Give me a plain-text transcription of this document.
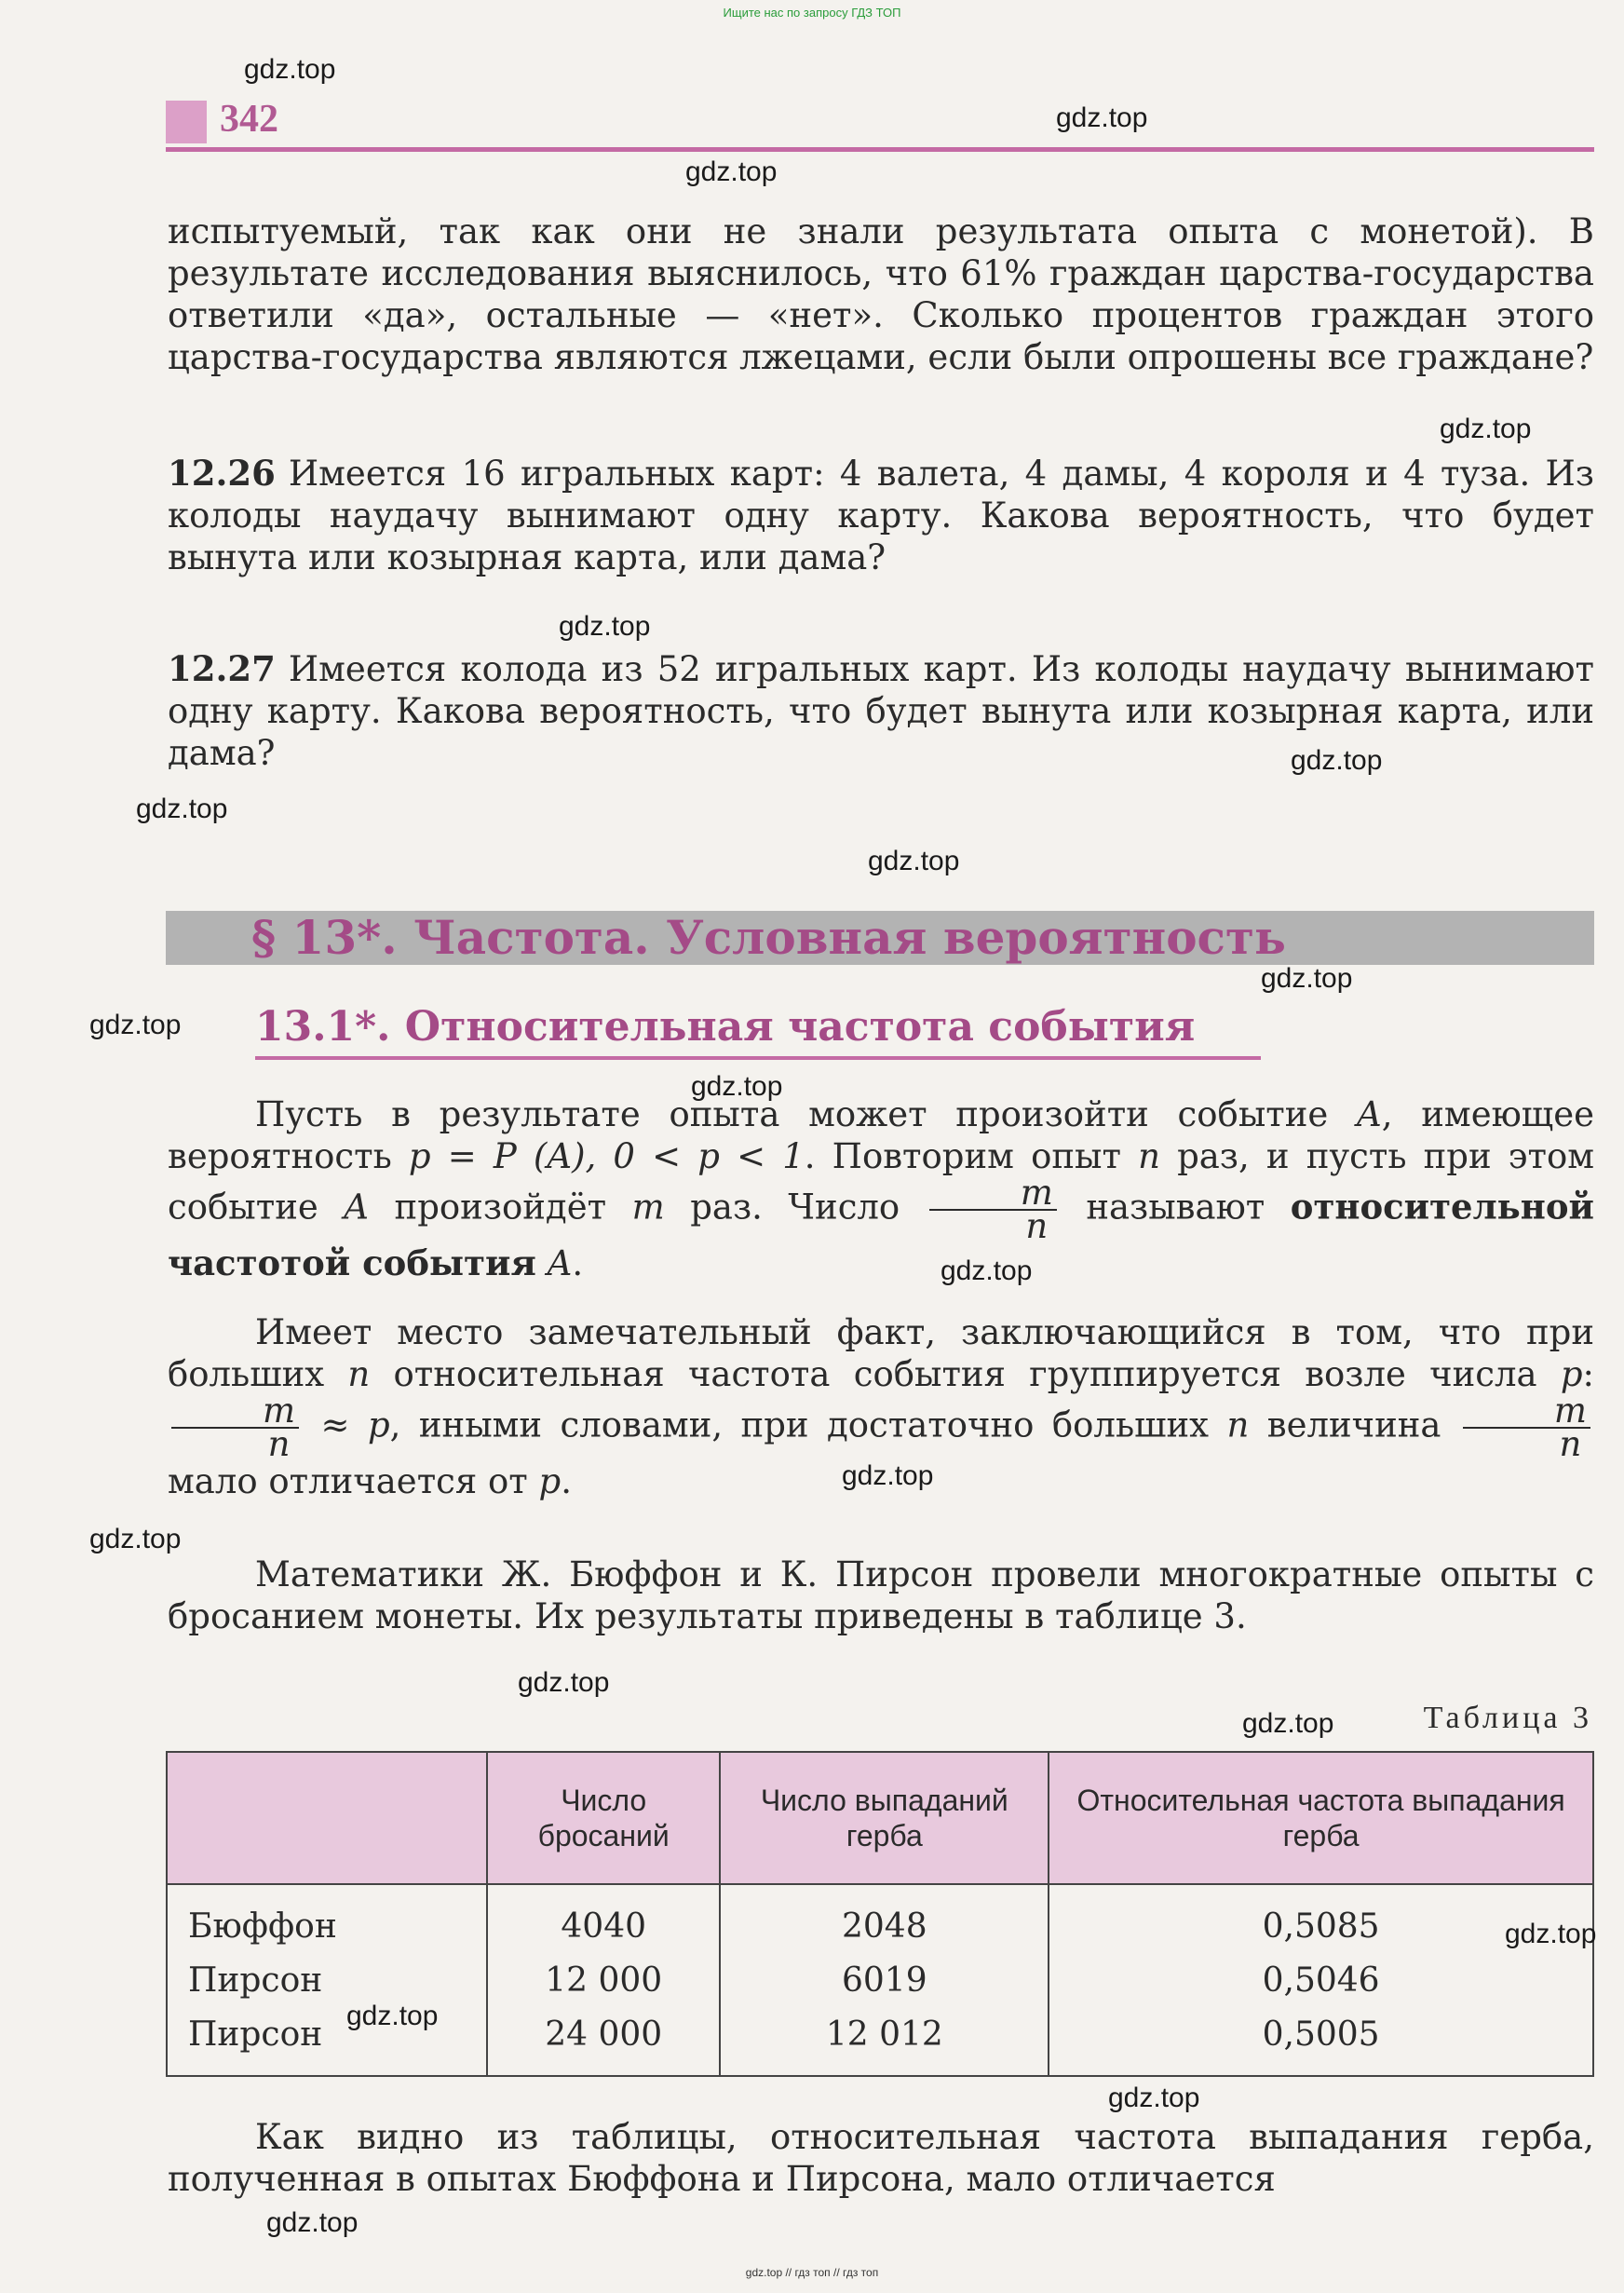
Ищите нас по запросу ГДЗ ТОП
342

испытуемый, так как они не знали результата опыта с монетой). В результате исследования выяснилось, что 61% граждан царства-государства ответили «да», остальные — «нет». Сколько процентов граждан этого царства-государства являются лжецами, если были опрошены все граждане?

12.26 Имеется 16 игральных карт: 4 валета, 4 дамы, 4 короля и 4 туза. Из колоды наудачу вынимают одну карту. Какова вероятность, что будет вынута или козырная карта, или дама?

12.27 Имеется колода из 52 игральных карт. Из колоды наудачу вынимают одну карту. Какова вероятность, что будет вынута или козырная карта, или дама?

§ 13*. Частота. Условная вероятность
13.1*. Относительная частота события

Пусть в результате опыта может произойти событие A, имеющее вероятность p = P (A), 0 < p < 1. Повторим опыт n раз, и пусть при этом событие A произойдёт m раз. Число $\frac{m}{n}$ называют относительной частотой события A.

Имеет место замечательный факт, заключающийся в том, что при больших n относительная частота события группируется возле числа p:
$\frac{m}{n} \approx p$, иными словами, при достаточно больших n величина $\frac{m}{n}$
мало отличается от p.

Математики Ж. Бюффон и К. Пирсон провели многократные опыты с бросанием монеты. Их результаты приведены в таблице 3.

Таблица 3
	Число бросаний	Число выпаданий герба	Относительная частота выпадания герба
Бюффон	4040	2048	0,5085
Пирсон	12 000	6019	0,5046
Пирсон	24 000	12 012	0,5005

Как видно из таблицы, относительная частота выпадания герба, полученная в опытах Бюффона и Пирсона, мало отличается

gdz.top
gdz.top
gdz.top
gdz.top
gdz.top
gdz.top
gdz.top
gdz.top
gdz.top
gdz.top
gdz.top
gdz.top
gdz.top
gdz.top
gdz.top
gdz.top
gdz.top
gdz.top
gdz.top
gdz.top
gdz.top // гдз топ // гдз топ
